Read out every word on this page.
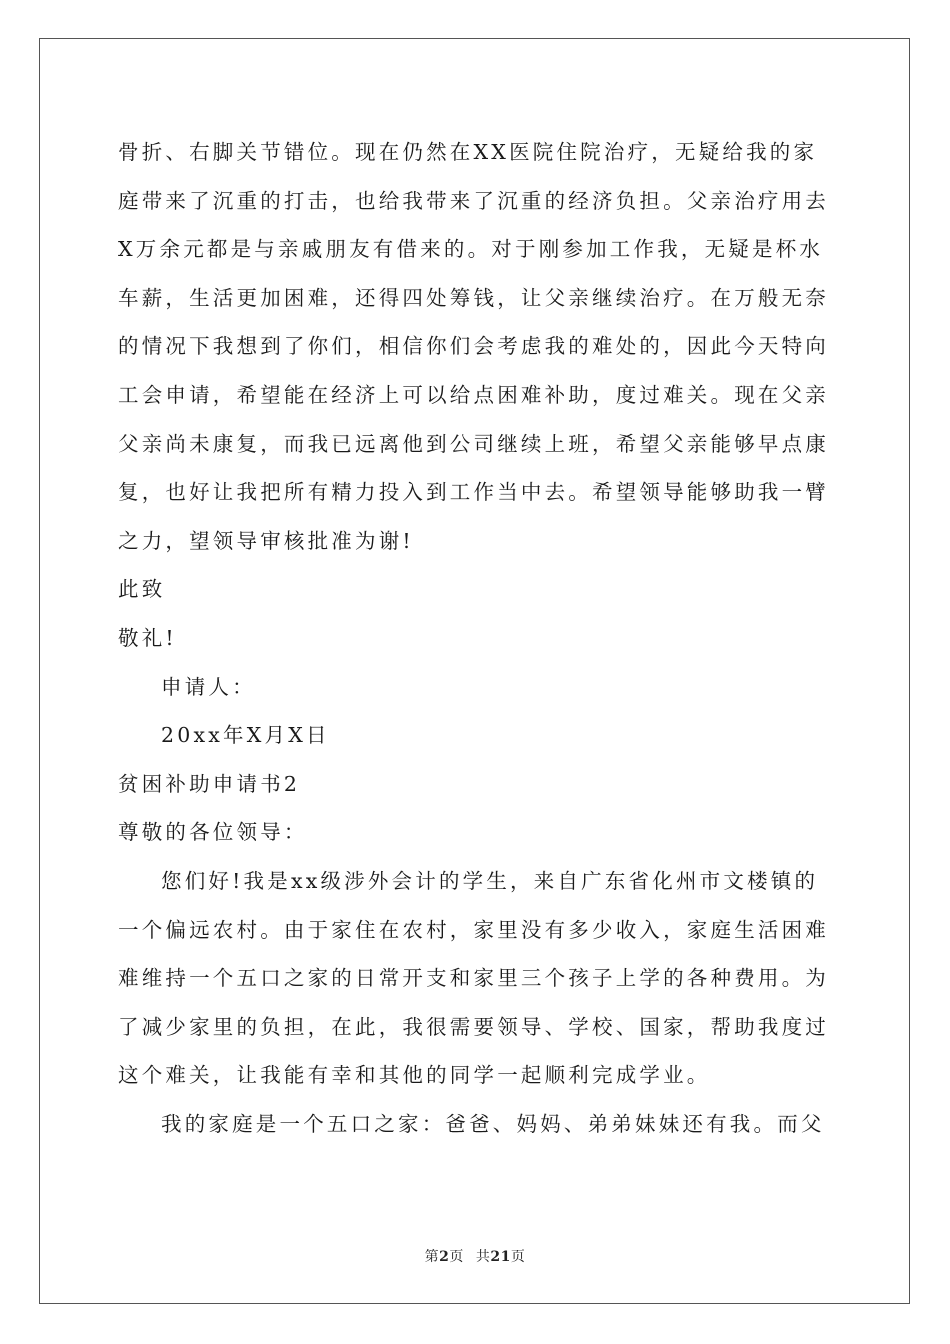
骨折、右脚关节错位。现在仍然在XX医院住院治疗，无疑给我的家
庭带来了沉重的打击，也给我带来了沉重的经济负担。父亲治疗用去
X万余元都是与亲戚朋友有借来的。对于刚参加工作我，无疑是杯水
车薪，生活更加困难，还得四处筹钱，让父亲继续治疗。在万般无奈
的情况下我想到了你们，相信你们会考虑我的难处的，因此今天特向
工会申请，希望能在经济上可以给点困难补助，度过难关。现在父亲
父亲尚未康复，而我已远离他到公司继续上班，希望父亲能够早点康
复，也好让我把所有精力投入到工作当中去。希望领导能够助我一臂
之力，望领导审核批准为谢!
此致
敬礼!
申请人：
20xx年X月X日
贫困补助申请书2
尊敬的各位领导：
您们好!我是xx级涉外会计的学生，来自广东省化州市文楼镇的
一个偏远农村。由于家住在农村，家里没有多少收入，家庭生活困难
难维持一个五口之家的日常开支和家里三个孩子上学的各种费用。为
了减少家里的负担，在此，我很需要领导、学校、国家，帮助我度过
这个难关，让我能有幸和其他的同学一起顺利完成学业。
我的家庭是一个五口之家：爸爸、妈妈、弟弟妹妹还有我。而父
第2页 共21页
